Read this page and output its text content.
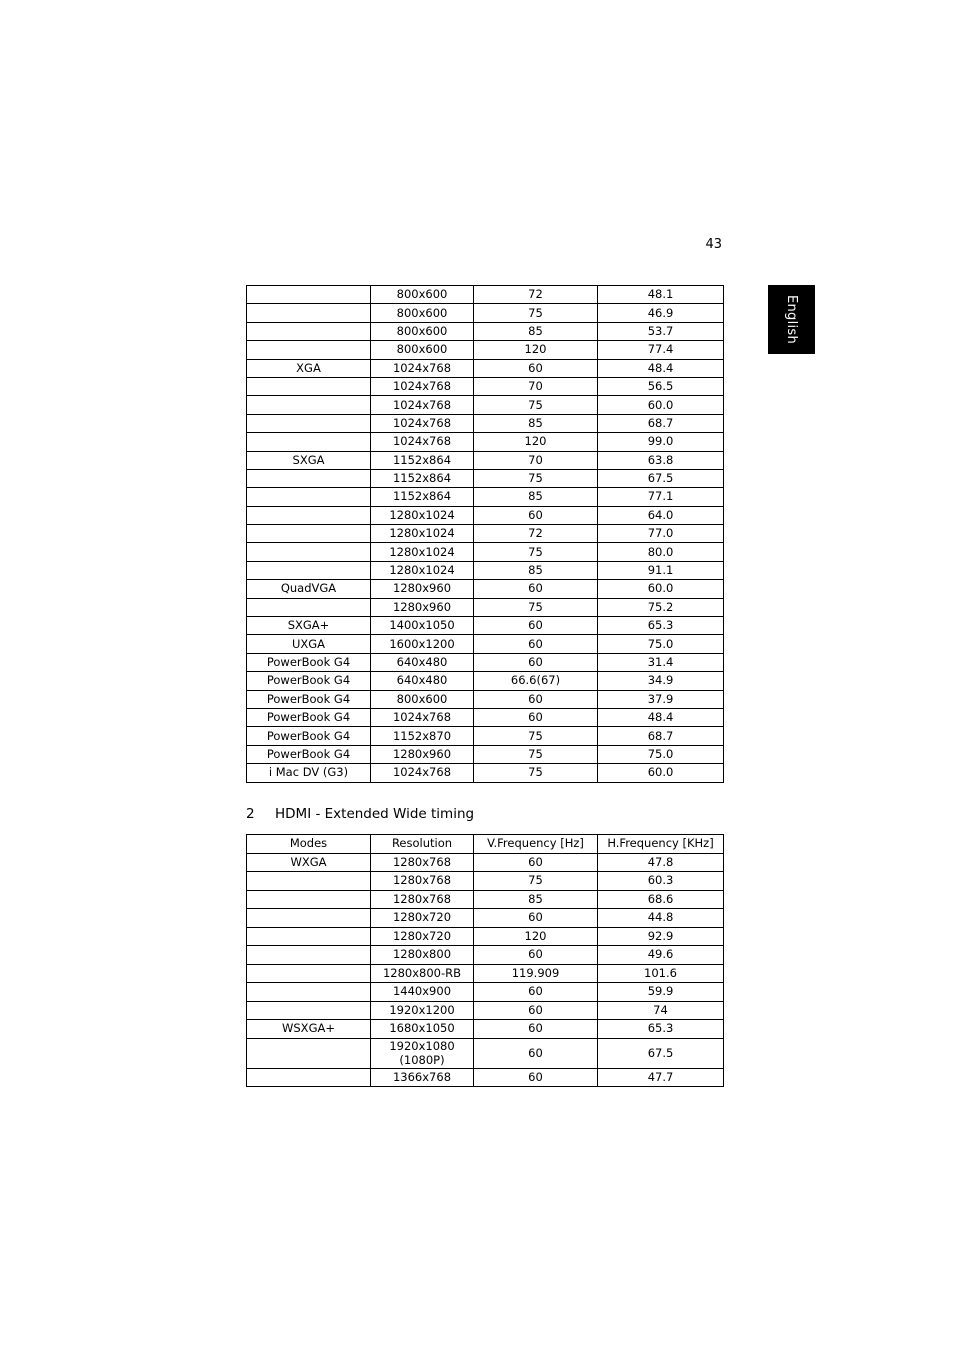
43
English
	800x600	72	48.1
	800x600	75	46.9
	800x600	85	53.7
	800x600	120	77.4
XGA	1024x768	60	48.4
	1024x768	70	56.5
	1024x768	75	60.0
	1024x768	85	68.7
	1024x768	120	99.0
SXGA	1152x864	70	63.8
	1152x864	75	67.5
	1152x864	85	77.1
	1280x1024	60	64.0
	1280x1024	72	77.0
	1280x1024	75	80.0
	1280x1024	85	91.1
QuadVGA	1280x960	60	60.0
	1280x960	75	75.2
SXGA+	1400x1050	60	65.3
UXGA	1600x1200	60	75.0
PowerBook G4	640x480	60	31.4
PowerBook G4	640x480	66.6(67)	34.9
PowerBook G4	800x600	60	37.9
PowerBook G4	1024x768	60	48.4
PowerBook G4	1152x870	75	68.7
PowerBook G4	1280x960	75	75.0
i Mac DV (G3)	1024x768	75	60.0
2 HDMI - Extended Wide timing
Modes	Resolution	V.Frequency [Hz]	H.Frequency [KHz]
WXGA	1280x768	60	47.8
	1280x768	75	60.3
	1280x768	85	68.6
	1280x720	60	44.8
	1280x720	120	92.9
	1280x800	60	49.6
	1280x800-RB	119.909	101.6
	1440x900	60	59.9
	1920x1200	60	74
WSXGA+	1680x1050	60	65.3
	1920x1080 (1080P)	60	67.5
	1366x768	60	47.7
